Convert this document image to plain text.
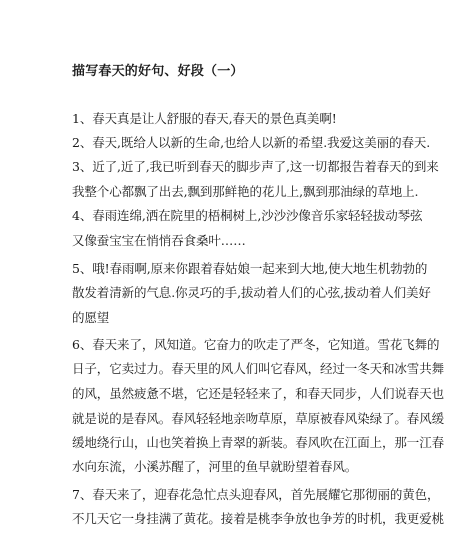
描写春天的好句、好段（一）
1、春天真是让人舒服的春天,春天的景色真美啊!
2、春天,既给人以新的生命,也给人以新的希望.我爱这美丽的春天.
3、近了,近了,我已听到春天的脚步声了,这一切都报告着春天的到来
我整个心都飘了出去,飘到那鲜艳的花儿上,飘到那油绿的草地上.
4、春雨连绵,洒在院里的梧桐树上,沙沙沙像音乐家轻轻拔动琴弦
又像蚕宝宝在悄悄吞食桑叶……
5、哦!春雨啊,原来你跟着春姑娘一起来到大地,使大地生机勃勃的
散发着清新的气息.你灵巧的手,拔动着人们的心弦,拔动着人们美好
的愿望
6、春天来了，风知道。它奋力的吹走了严冬，它知道。雪花飞舞的
日子，它卖过力。春天里的风人们叫它春风，经过一冬天和冰雪共舞
的风，虽然疲惫不堪，它还是轻轻来了，和春天同步，人们说春天也
就是说的是春风。春风轻轻地亲吻草原，草原被春风染绿了。春风缓
缓地绕行山，山也笑着换上青翠的新装。春风吹在江面上，那一江春
水向东流，小溪苏醒了，河里的鱼早就盼望着春风。
7、春天来了，迎春花急忙点头迎春风，首先展耀它那彻丽的黄色，
不几天它一身挂满了黄花。接着是桃李争放也争芳的时机，我更爱桃
